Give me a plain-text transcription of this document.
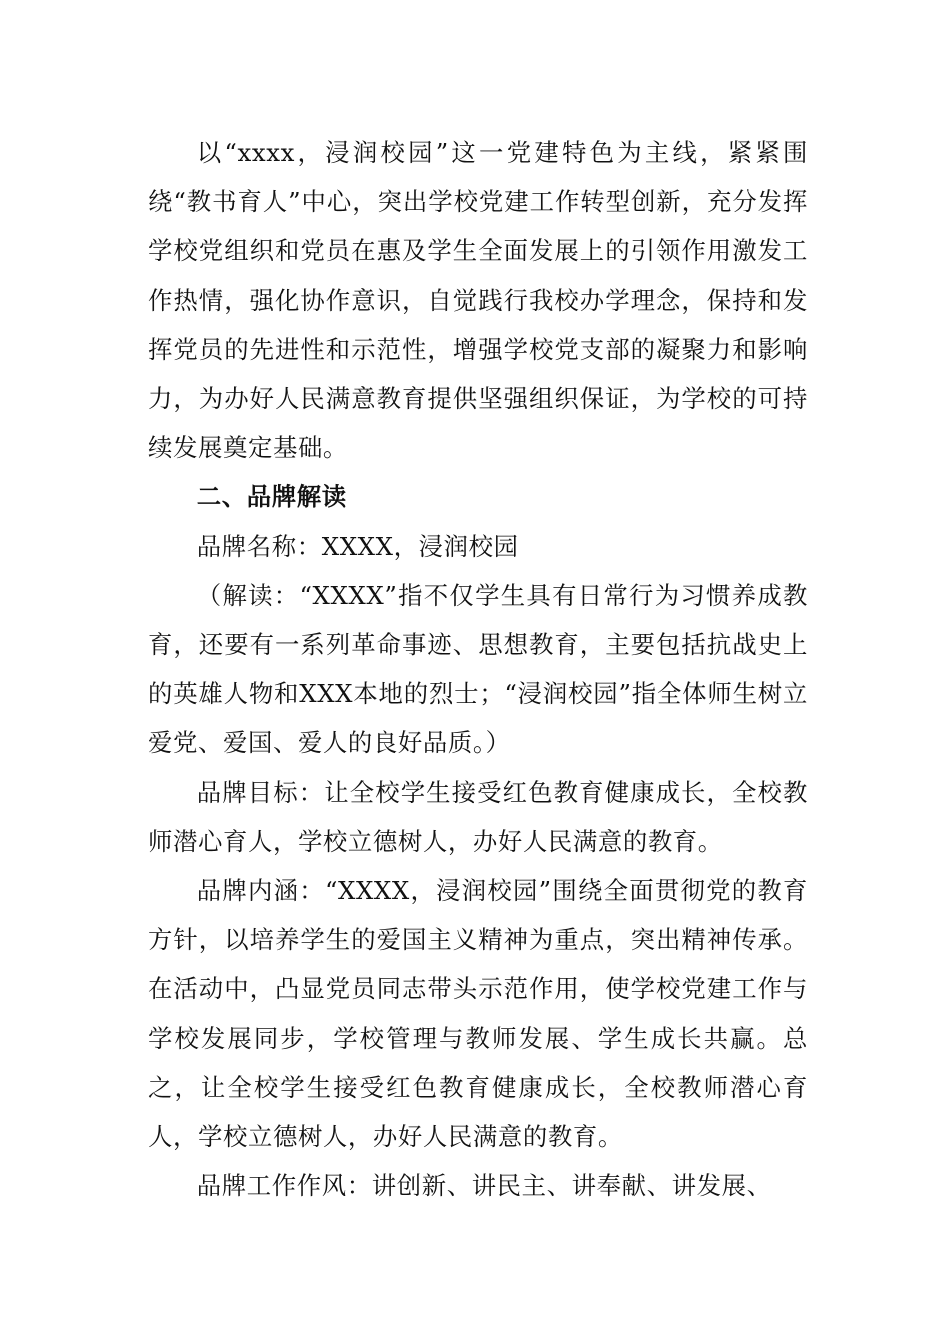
以“xxxx，浸润校园”这一党建特色为主线，紧紧围绕“教书育人”中心，突出学校党建工作转型创新，充分发挥学校党组织和党员在惠及学生全面发展上的引领作用激发工作热情，强化协作意识，自觉践行我校办学理念，保持和发挥党员的先进性和示范性，增强学校党支部的凝聚力和影响力，为办好人民满意教育提供坚强组织保证，为学校的可持续发展奠定基础。

二、品牌解读

品牌名称：XXXX，浸润校园

（解读：“XXXX”指不仅学生具有日常行为习惯养成教育，还要有一系列革命事迹、思想教育，主要包括抗战史上的英雄人物和XXX本地的烈士；“浸润校园”指全体师生树立爱党、爱国、爱人的良好品质。）

品牌目标：让全校学生接受红色教育健康成长，全校教师潜心育人，学校立德树人，办好人民满意的教育。

品牌内涵：“XXXX，浸润校园”围绕全面贯彻党的教育方针，以培养学生的爱国主义精神为重点，突出精神传承。在活动中，凸显党员同志带头示范作用，使学校党建工作与学校发展同步，学校管理与教师发展、学生成长共赢。总之，让全校学生接受红色教育健康成长，全校教师潜心育人，学校立德树人，办好人民满意的教育。

品牌工作作风：讲创新、讲民主、讲奉献、讲发展、
